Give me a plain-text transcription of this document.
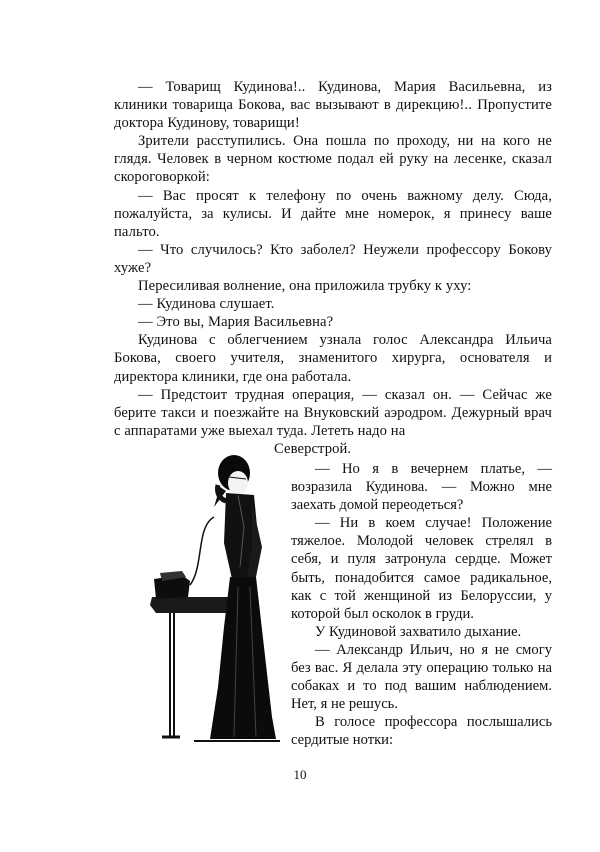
— Товарищ Кудинова!.. Кудинова, Мария Васильевна, из клиники товарища Бокова, вас вызывают в дирекцию!.. Пропустите доктора Кудинову, товарищи!

Зрители расступились. Она пошла по проходу, ни на кого не глядя. Человек в черном костюме подал ей руку на лесенке, сказал скороговоркой:

— Вас просят к телефону по очень важному делу. Сюда, пожалуйста, за кулисы. И дайте мне номерок, я принесу ваше пальто.

— Что случилось? Кто заболел? Неужели профессору Бокову хуже?

Пересиливая волнение, она приложила трубку к уху:

— Кудинова слушает.

— Это вы, Мария Васильевна?

Кудинова с облегчением узнала голос Александра Ильича Бокова, своего учителя, знаменитого хирурга, основателя и директора клиники, где она работала.

— Предстоит трудная операция, — сказал он. — Сейчас же берите такси и поезжайте на Внуковский аэродром. Дежурный врач с аппаратами уже выехал туда. Лететь надо на

Северстрой.

— Но я в вечернем платье, — возразила Кудинова. — Можно мне заехать домой переодеться?

— Ни в коем случае! Положение тяжелое. Молодой человек стрелял в себя, и пуля затронула сердце. Может быть, понадобится самое радикальное, как с той женщиной из Белоруссии, у которой был осколок в груди.

У Кудиновой захватило дыхание.

— Александр Ильич, но я не смогу без вас. Я делала эту операцию только на собаках и то под вашим наблюдением. Нет, я не решусь.

В голосе профессора послышались сердитые нотки:

10
